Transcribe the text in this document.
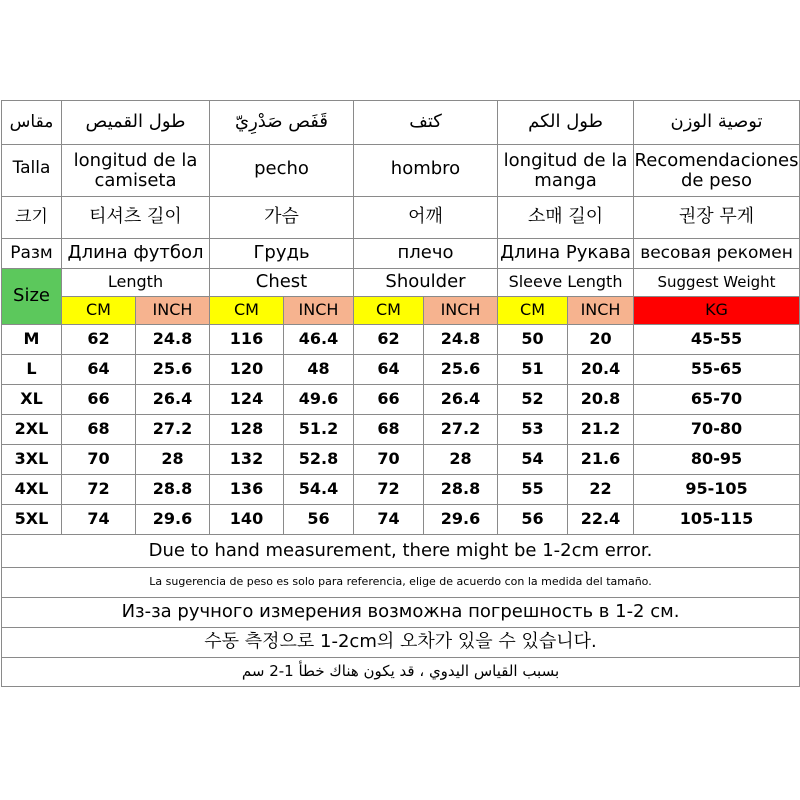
مقاس	طول القميص		قَفَص صَدْرِيّ		كتف		طول الكم		توصية الوزن

Talla	longitud de la camiseta		pecho		hombro		longitud de la manga		Recomendaciones de peso

크기	티셔츠 길이		가슴		어깨		소매 길이		권장 무게
Разм	Длина футбол		Грудь		плечо		Длина Рукава		весовая рекомен
Size	Length		Chest		Shoulder		Sleeve Length		Suggest Weight
	CM	INCH	CM	INCH	CM	INCH	CM	INCH	KG
M	62	24.8	116	46.4	62	24.8	50	20	45-55
L	64	25.6	120	48	64	25.6	51	20.4	55-65
XL	66	26.4	124	49.6	66	26.4	52	20.8	65-70
2XL	68	27.2	128	51.2	68	27.2	53	21.2	70-80
3XL	70	28	132	52.8	70	28	54	21.6	80-95
4XL	72	28.8	136	54.4	72	28.8	55	22	95-105
5XL	74	29.6	140	56	74	29.6	56	22.4	105-115
Due to hand measurement, there might be 1-2cm error.									
La sugerencia de peso es solo para referencia, elige de acuerdo con la medida del tamaño.									
Из-за ручного измерения возможна погрешность в 1-2 см.									
수동 측정으로 1-2cm의 오차가 있을 수 있습니다.									
بسبب القياس اليدوي ، قد يكون هناك خطأ 1-2 سم									
